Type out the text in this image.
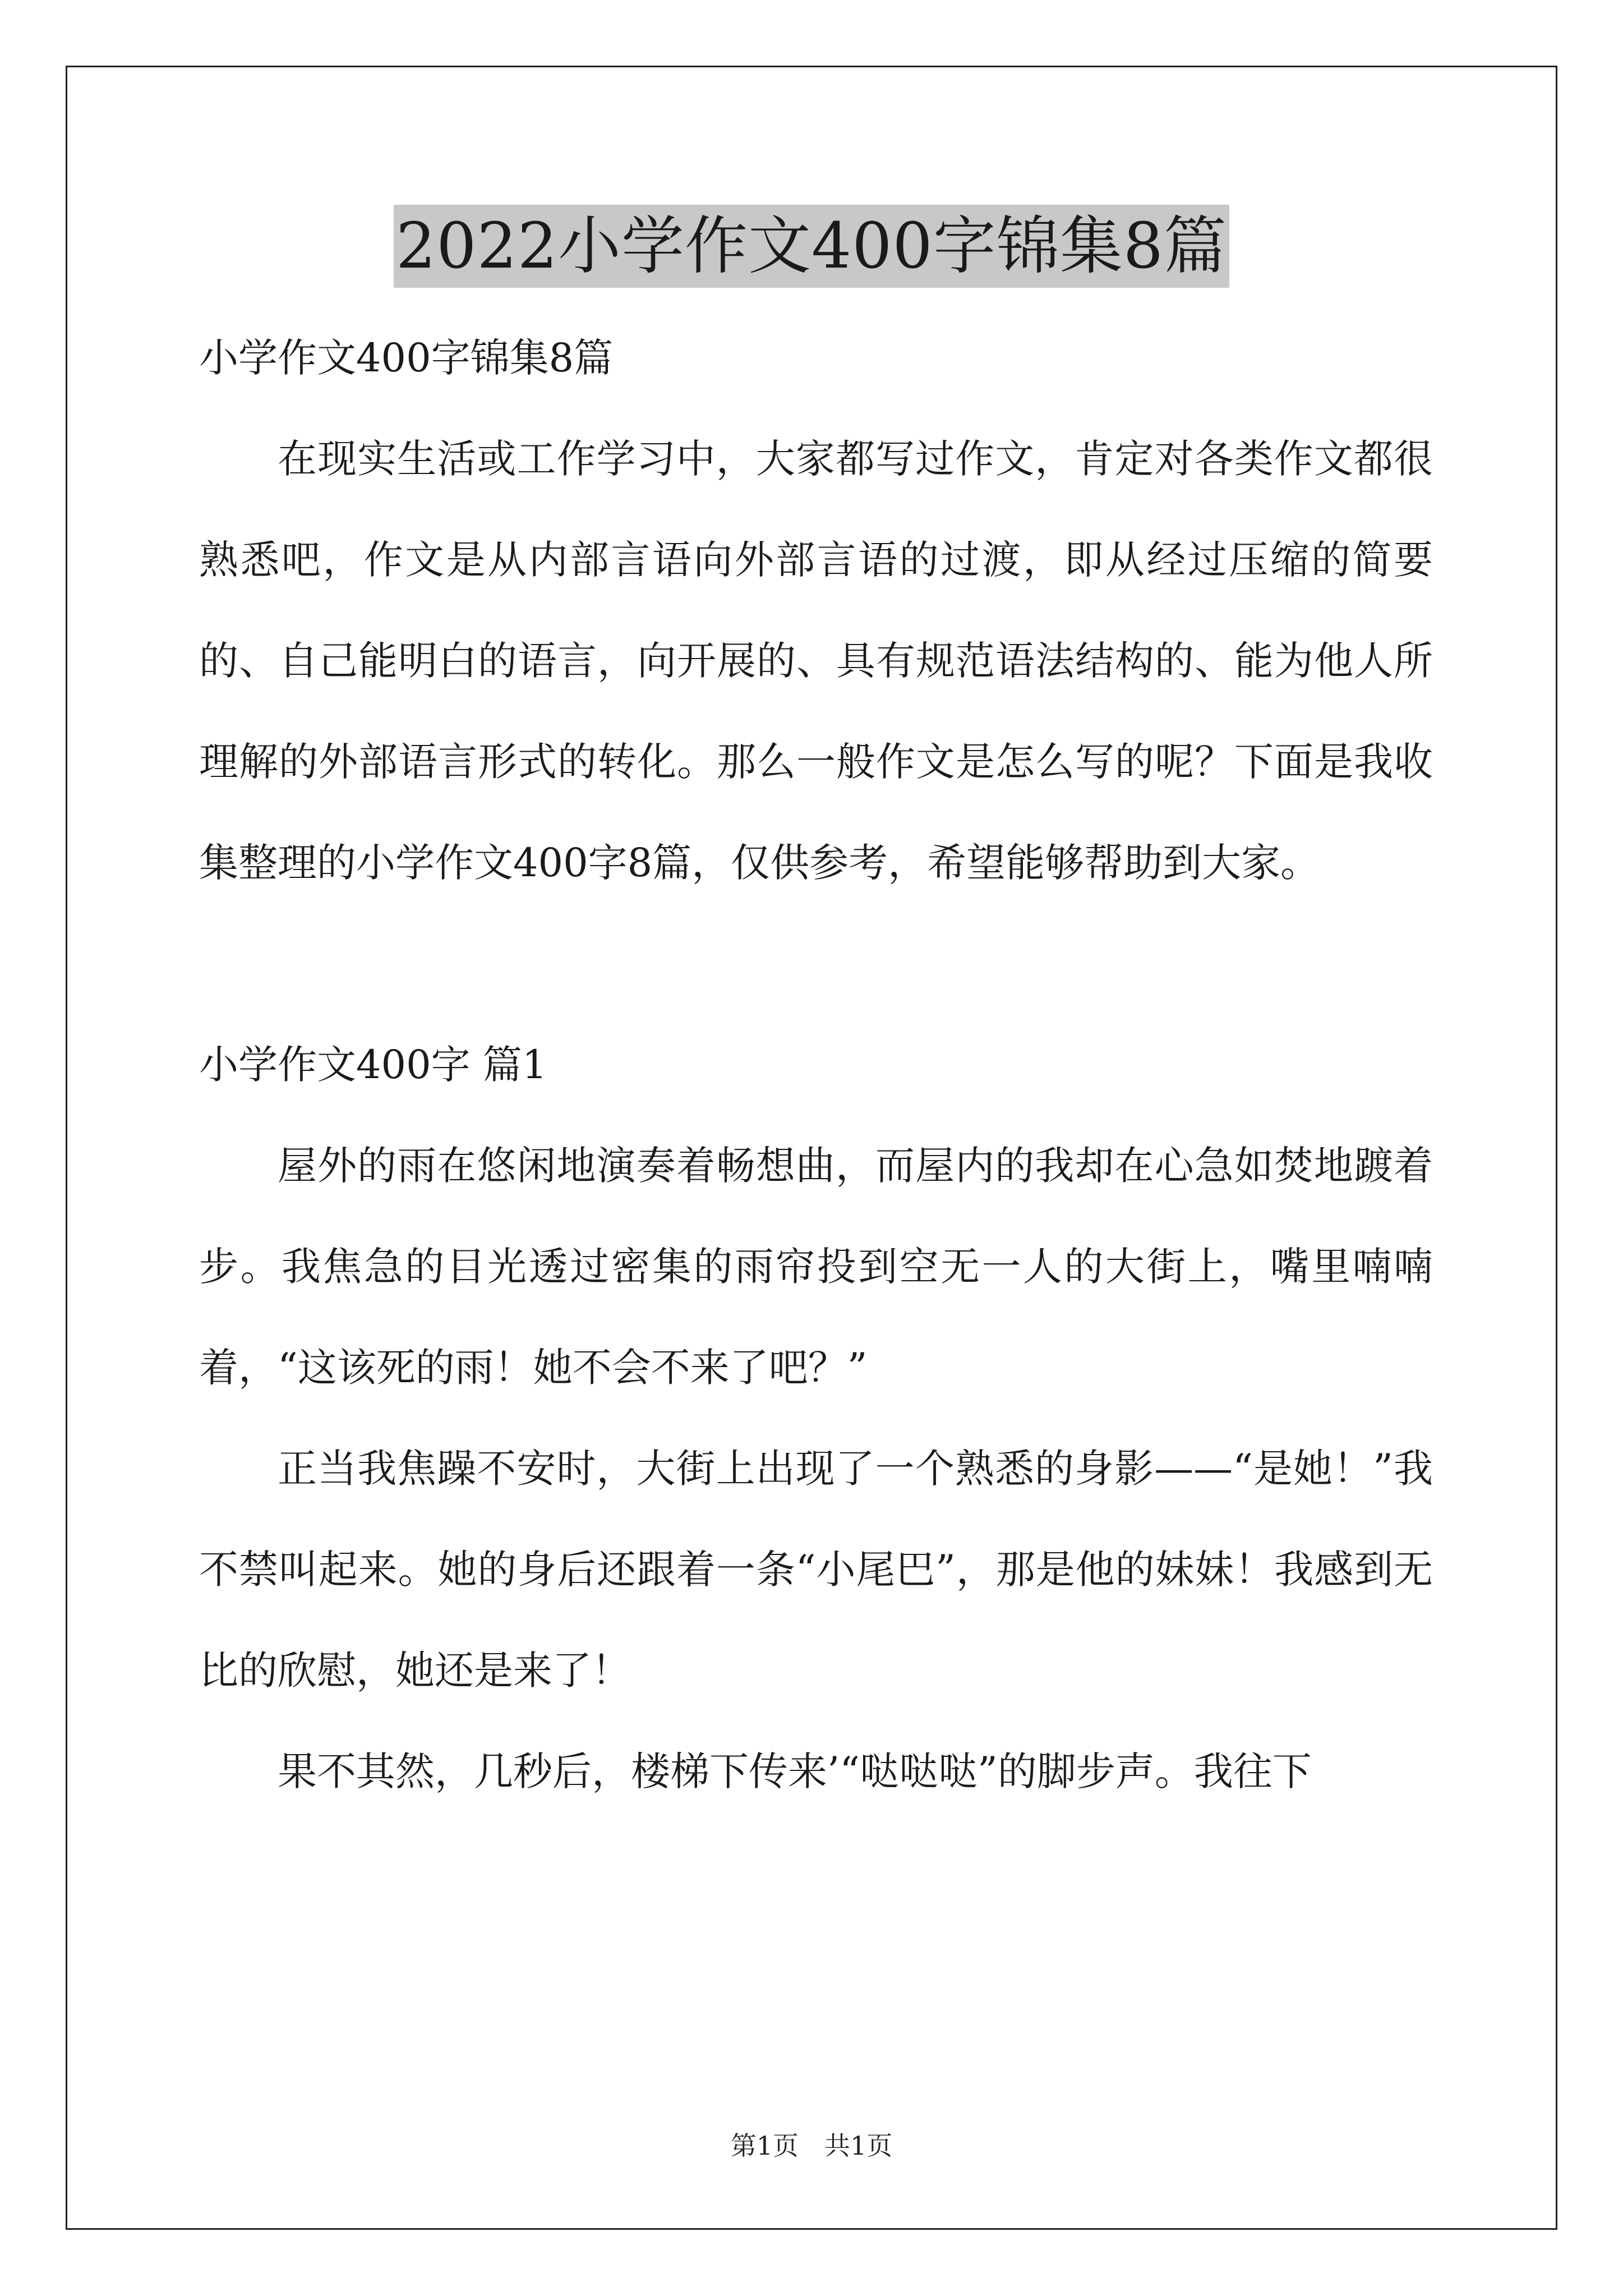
2022小学作文400字锦集8篇

小学作文400字锦集8篇

在现实生活或工作学习中，大家都写过作文，肯定对各类作文都很熟悉吧，作文是从内部言语向外部言语的过渡，即从经过压缩的简要的、自己能明白的语言，向开展的、具有规范语法结构的、能为他人所理解的外部语言形式的转化。那么一般作文是怎么写的呢？下面是我收集整理的小学作文400字8篇，仅供参考，希望能够帮助到大家。

小学作文400字 篇1

屋外的雨在悠闲地演奏着畅想曲，而屋内的我却在心急如焚地踱着步。我焦急的目光透过密集的雨帘投到空无一人的大街上，嘴里喃喃着，“这该死的雨！她不会不来了吧？”

正当我焦躁不安时，大街上出现了一个熟悉的身影——“是她！”我不禁叫起来。她的身后还跟着一条“小尾巴”，那是他的妹妹！我感到无比的欣慰，她还是来了！

果不其然，几秒后，楼梯下传来’“哒哒哒”的脚步声。我往下

第1页　共1页
